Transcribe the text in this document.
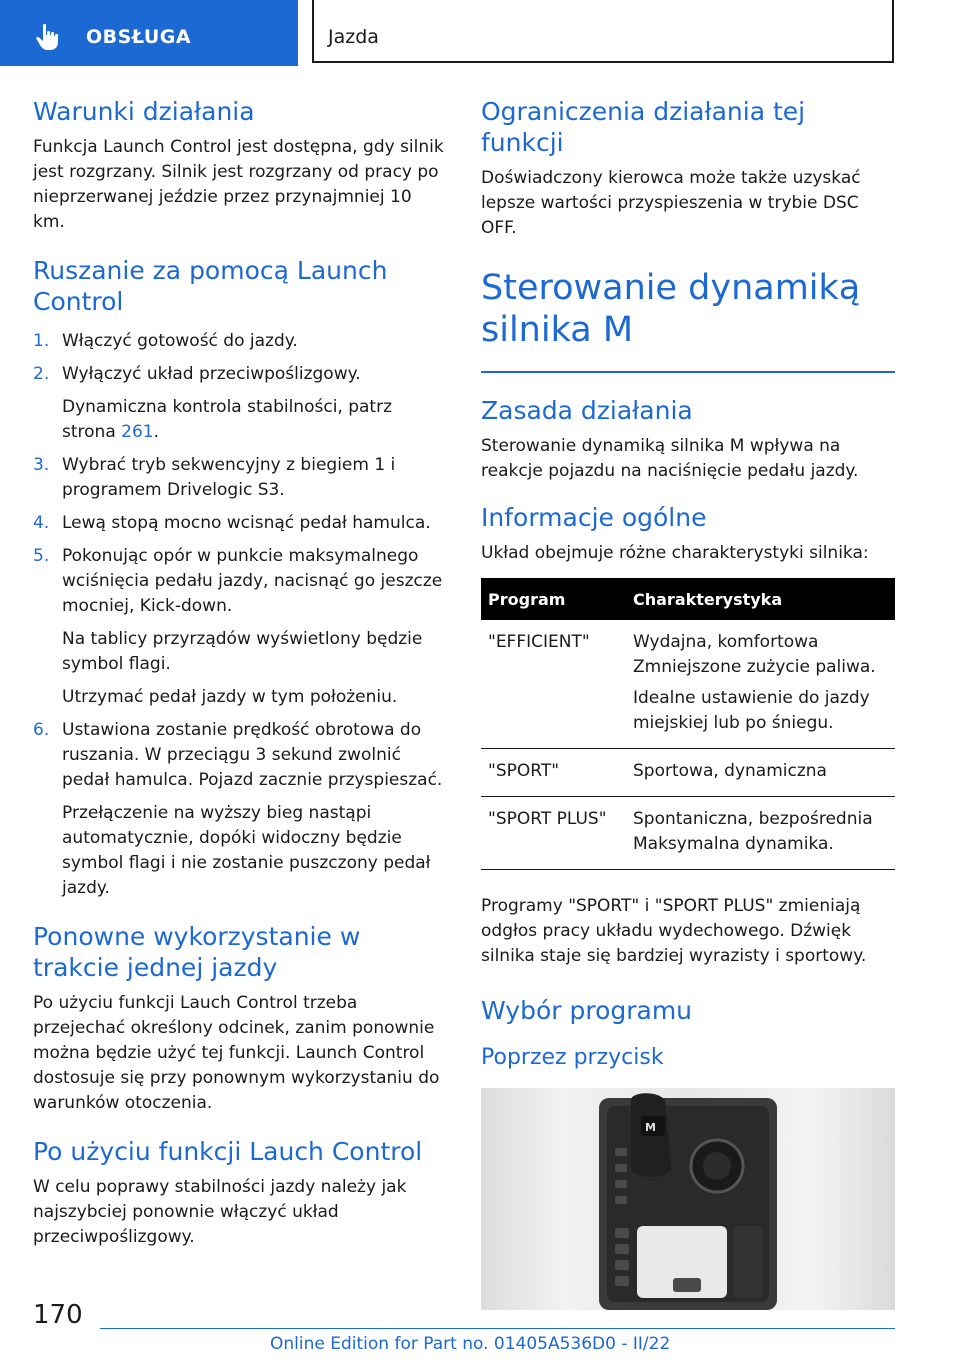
OBSŁUGA	Jazda
Warunki działania

Funkcja Launch Control jest dostępna, gdy silnik jest rozgrzany. Silnik jest rozgrzany od pracy po nieprzerwanej jeździe przez przynajmniej 10 km.

Ruszanie za pomocą Launch Control
1. Włączyć gotowość do jazdy.
2. Wyłączyć układ przeciwpoślizgowy.
Dynamiczna kontrola stabilności, patrz strona 261.
3. Wybrać tryb sekwencyjny z biegiem 1 i programem Drivelogic S3.
4. Lewą stopą mocno wcisnąć pedał hamulca.
5. Pokonując opór w punkcie maksymalnego wciśnięcia pedału jazdy, nacisnąć go jeszcze mocniej, Kick-down.
Na tablicy przyrządów wyświetlony będzie symbol flagi.
Utrzymać pedał jazdy w tym położeniu.
6. Ustawiona zostanie prędkość obrotowa do ruszania. W przeciągu 3 sekund zwolnić pedał hamulca. Pojazd zacznie przyspieszać.
Przełączenie na wyższy bieg nastąpi automatycznie, dopóki widoczny będzie symbol flagi i nie zostanie puszczony pedał jazdy.
Ponowne wykorzystanie w trakcie jednej jazdy

Po użyciu funkcji Lauch Control trzeba przejechać określony odcinek, zanim ponownie można będzie użyć tej funkcji. Launch Control dostosuje się przy ponownym wykorzystaniu do warunków otoczenia.

Po użyciu funkcji Lauch Control

W celu poprawy stabilności jazdy należy jak najszybciej ponownie włączyć układ przeciwpoślizgowy.

Ograniczenia działania tej funkcji

Doświadczony kierowca może także uzyskać lepsze wartości przyspieszenia w trybie DSC OFF.

Sterowanie dynamiką silnika M
Zasada działania

Sterowanie dynamiką silnika M wpływa na reakcje pojazdu na naciśnięcie pedału jazdy.

Informacje ogólne

Układ obejmuje różne charakterystyki silnika:

Program	Charakterystyka
"EFFICIENT"	Wydajna, komfortowa Zmniejszone zużycie paliwa.
Idealne ustawienie do jazdy miejskiej lub po śniegu.

"SPORT"	Sportowa, dynamiczna

"SPORT PLUS"	Spontaniczna, bezpośrednia Maksymalna dynamika.

Programy "SPORT" i "SPORT PLUS" zmieniają odgłos pracy układu wydechowego. Dźwięk silnika staje się bardziej wyrazisty i sportowy.

Wybór programu
Poprzez przycisk
M
170
Online Edition for Part no. 01405A536D0 - II/22
